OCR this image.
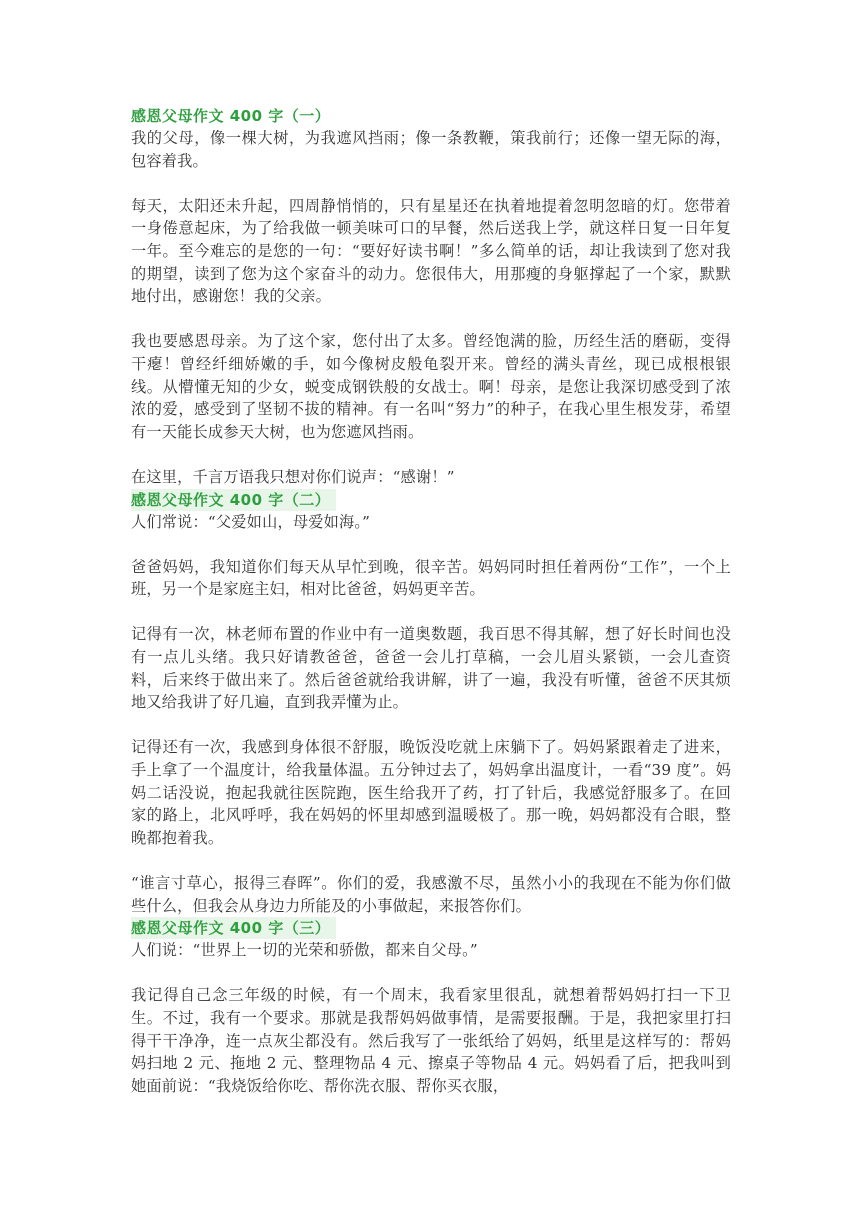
感恩父母作文 400 字（一）

我的父母，像一棵大树，为我遮风挡雨；像一条教鞭，策我前行；还像一望无际的海，包容着我。

每天，太阳还未升起，四周静悄悄的，只有星星还在执着地提着忽明忽暗的灯。您带着一身倦意起床，为了给我做一顿美味可口的早餐，然后送我上学，就这样日复一日年复一年。至今难忘的是您的一句：“要好好读书啊！”多么简单的话，却让我读到了您对我的期望，读到了您为这个家奋斗的动力。您很伟大，用那瘦的身躯撑起了一个家，默默地付出，感谢您！我的父亲。

我也要感恩母亲。为了这个家，您付出了太多。曾经饱满的脸，历经生活的磨砺，变得干瘪！曾经纤细娇嫩的手，如今像树皮般龟裂开来。曾经的满头青丝，现已成根根银线。从懵懂无知的少女，蜕变成钢铁般的女战士。啊！母亲，是您让我深切感受到了浓浓的爱，感受到了坚韧不拔的精神。有一名叫“努力”的种子，在我心里生根发芽，希望有一天能长成参天大树，也为您遮风挡雨。

在这里，千言万语我只想对你们说声：“感谢！”

感恩父母作文 400 字（二）

人们常说：“父爱如山，母爱如海。”

爸爸妈妈，我知道你们每天从早忙到晚，很辛苦。妈妈同时担任着两份“工作”，一个上班，另一个是家庭主妇，相对比爸爸，妈妈更辛苦。

记得有一次，林老师布置的作业中有一道奥数题，我百思不得其解，想了好长时间也没有一点儿头绪。我只好请教爸爸，爸爸一会儿打草稿，一会儿眉头紧锁，一会儿查资料，后来终于做出来了。然后爸爸就给我讲解，讲了一遍，我没有听懂，爸爸不厌其烦地又给我讲了好几遍，直到我弄懂为止。

记得还有一次，我感到身体很不舒服，晚饭没吃就上床躺下了。妈妈紧跟着走了进来，手上拿了一个温度计，给我量体温。五分钟过去了，妈妈拿出温度计，一看“39 度”。妈妈二话没说，抱起我就往医院跑，医生给我开了药，打了针后，我感觉舒服多了。在回家的路上，北风呼呼，我在妈妈的怀里却感到温暖极了。那一晚，妈妈都没有合眼，整晚都抱着我。

“谁言寸草心，报得三春晖”。你们的爱，我感激不尽，虽然小小的我现在不能为你们做些什么，但我会从身边力所能及的小事做起，来报答你们。

感恩父母作文 400 字（三）

人们说：“世界上一切的光荣和骄傲，都来自父母。”

我记得自己念三年级的时候，有一个周末，我看家里很乱，就想着帮妈妈打扫一下卫生。不过，我有一个要求。那就是我帮妈妈做事情，是需要报酬。于是，我把家里打扫得干干净净，连一点灰尘都没有。然后我写了一张纸给了妈妈，纸里是这样写的：帮妈妈扫地 2 元、拖地 2 元、整理物品 4 元、擦桌子等物品 4 元。妈妈看了后，把我叫到她面前说：“我烧饭给你吃、帮你洗衣服、帮你买衣服，
